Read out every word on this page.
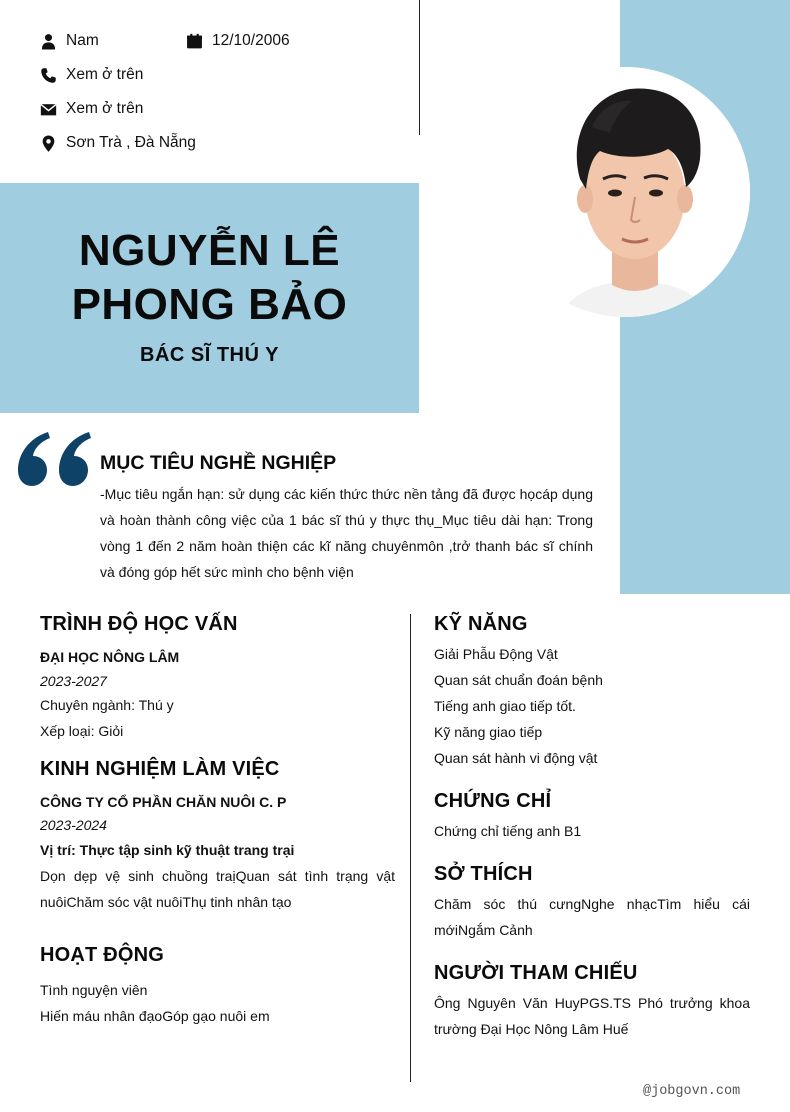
Nam	12/10/2006
Xem ở trên
Xem ở trên
Sơn Trà , Đà Nẵng
NGUYỄN LÊ
PHONG BẢO
BÁC SĨ THÚ Y
MỤC TIÊU NGHỀ NGHIỆP
-Mục tiêu ngắn hạn: sử dụng các kiến thức thức nền tảng đã được họcáp dụng và hoàn thành công việc của 1 bác sĩ thú y thực thụ_Mục tiêu dài hạn: Trong vòng 1 đến 2 năm hoàn thiện các kĩ năng chuyênmôn ,trở thanh bác sĩ chính và đóng góp hết sức mình cho bệnh viện
TRÌNH ĐỘ HỌC VẤN
ĐẠI HỌC NÔNG LÂM
2023-2027
Chuyên ngành: Thú y
Xếp loại: Giỏi
KINH NGHIỆM LÀM VIỆC
CÔNG TY CỔ PHẦN CHĂN NUÔI C. P
2023-2024
Vị trí: Thực tập sinh kỹ thuật trang trại
Dọn dẹp vệ sinh chuồng traịQuan sát tình trạng vật nuôiChăm sóc vật nuôiThụ tinh nhân tạo
HOẠT ĐỘNG
Tình nguyện viên
Hiến máu nhân đạoGóp gạo nuôi em
KỸ NĂNG
Giải Phẫu Động Vật
Quan sát chuẩn đoán bệnh
Tiếng anh giao tiếp tốt.
Kỹ năng giao tiếp
Quan sát hành vi động vật
CHỨNG CHỈ
Chứng chỉ tiếng anh B1
SỞ THÍCH
Chăm sóc thú cưngNghe nhạcTìm hiểu cái mớiNgắm Cảnh
NGƯỜI THAM CHIẾU
Ông Nguyên Văn HuyPGS.TS Phó trưởng khoa trường Đại Học Nông Lâm Huế
@jobgovn.com
